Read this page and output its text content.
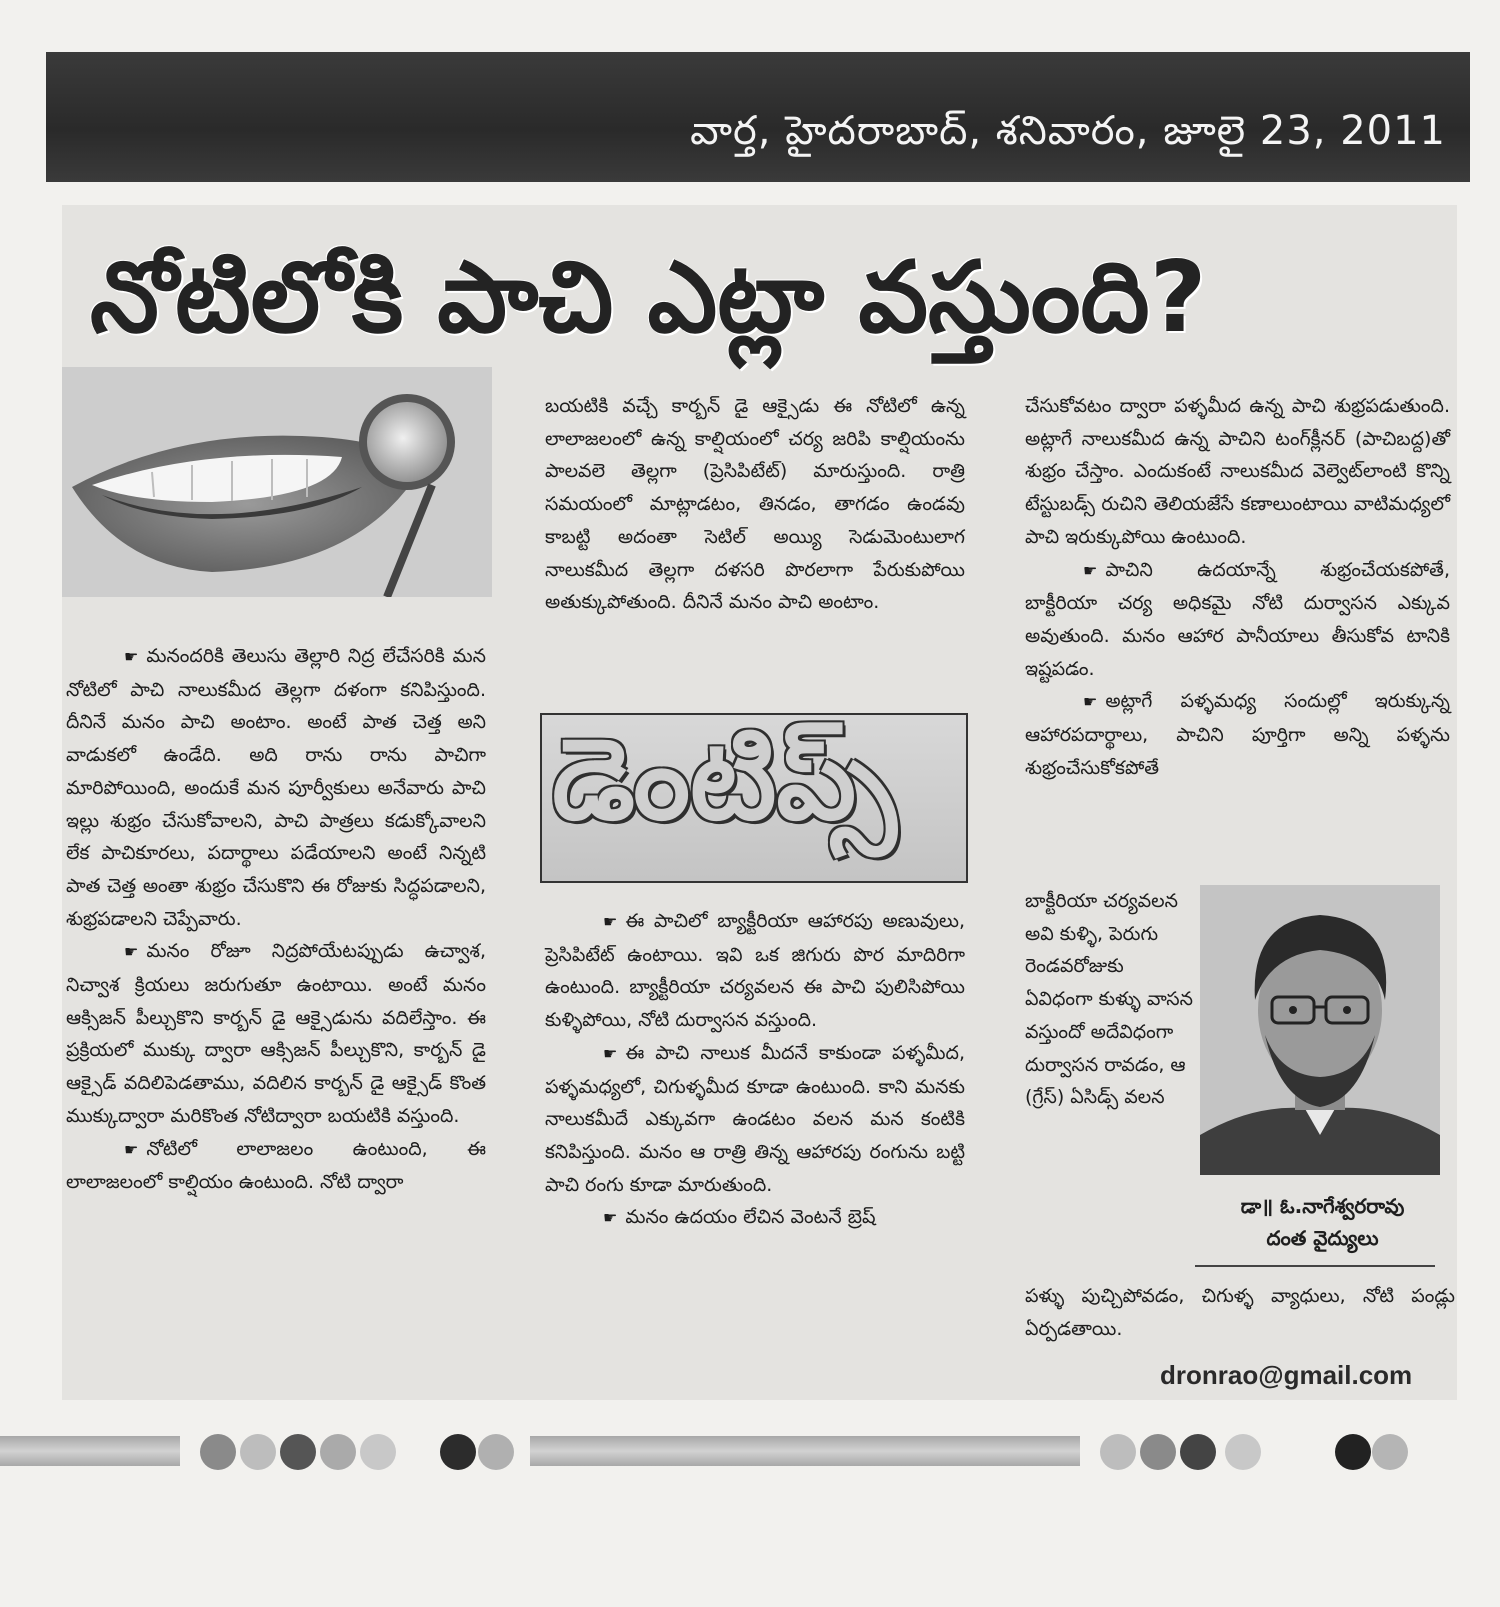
వార్త, హైదరాబాద్, శనివారం, జూలై 23, 2011
నోటిలోకి పాచి ఎట్లా వస్తుంది?

☛ మనందరికి తెలుసు తెల్లారి నిద్ర లేచేసరికి మన నోటిలో పాచి నాలుకమీద తెల్లగా దళంగా కనిపిస్తుంది. దీనినే మనం పాచి అంటాం. అంటే పాత చెత్త అని వాడుకలో ఉండేది. అది రాను రాను పాచిగా మారిపోయింది, అందుకే మన పూర్వీకులు అనేవారు పాచి ఇల్లు శుభ్రం చేసుకోవాలని, పాచి పాత్రలు కడుక్కోవాలని లేక పాచికూరలు, పదార్థాలు పడేయాలని అంటే నిన్నటి పాత చెత్త అంతా శుభ్రం చేసుకొని ఈ రోజుకు సిద్ధపడాలని, శుభ్రపడాలని చెప్పేవారు.

☛ మనం రోజూ నిద్రపోయేటప్పుడు ఉచ్వాశ, నిచ్వాశ క్రియలు జరుగుతూ ఉంటాయి. అంటే మనం ఆక్సిజన్ పీల్చుకొని కార్బన్ డై ఆక్సైడును వదిలేస్తాం. ఈ ప్రక్రియలో ముక్కు ద్వారా ఆక్సిజన్ పీల్చుకొని, కార్బన్ డై ఆక్సైడ్ వదిలిపెడతాము, వదిలిన కార్బన్ డై ఆక్సైడ్ కొంత ముక్కుద్వారా మరికొంత నోటిద్వారా బయటికి వస్తుంది.

☛ నోటిలో లాలాజలం ఉంటుంది, ఈ లాలాజలంలో కాల్షియం ఉంటుంది. నోటి ద్వారా

బయటికి వచ్చే కార్బన్ డై ఆక్సైడు ఈ నోటిలో ఉన్న లాలాజలంలో ఉన్న కాల్షియంలో చర్య జరిపి కాల్షియంను పాలవలె తెల్లగా (ప్రెసిపిటేట్) మారుస్తుంది. రాత్రి సమయంలో మాట్లాడటం, తినడం, తాగడం ఉండవు కాబట్టి అదంతా సెటిల్ అయ్యి సెడుమెంటులాగ నాలుకమీద తెల్లగా దళసరి పొరలాగా పేరుకుపోయి అతుక్కుపోతుంది. దీనినే మనం పాచి అంటాం.

డెంటిప్స్

☛ ఈ పాచిలో బ్యాక్టీరియా ఆహారపు అణువులు, ప్రెసిపిటేట్ ఉంటాయి. ఇవి ఒక జిగురు పొర మాదిరిగా ఉంటుంది. బ్యాక్టీరియా చర్యవలన ఈ పాచి పులిసిపోయి కుళ్ళిపోయి, నోటి దుర్వాసన వస్తుంది.

☛ ఈ పాచి నాలుక మీదనే కాకుండా పళ్ళమీద, పళ్ళమధ్యలో, చిగుళ్ళమీద కూడా ఉంటుంది. కాని మనకు నాలుకమీదే ఎక్కువగా ఉండటం వలన మన కంటికి కనిపిస్తుంది. మనం ఆ రాత్రి తిన్న ఆహారపు రంగును బట్టి పాచి రంగు కూడా మారుతుంది.

☛ మనం ఉదయం లేచిన వెంటనే బ్రెష్

చేసుకోవటం ద్వారా పళ్ళమీద ఉన్న పాచి శుభ్రపడుతుంది. అట్లాగే నాలుకమీద ఉన్న పాచిని టంగ్‌క్లీనర్ (పాచిబద్ద)తో శుభ్రం చేస్తాం. ఎందుకంటే నాలుకమీద వెల్వెట్‌లాంటి కొన్ని టేస్టుబడ్స్ రుచిని తెలియజేసే కణాలుంటాయి వాటిమధ్యలో పాచి ఇరుక్కుపోయి ఉంటుంది.

☛ పాచిని ఉదయాన్నే శుభ్రంచేయకపోతే, బాక్టీరియా చర్య అధికమై నోటి దుర్వాసన ఎక్కువ అవుతుంది. మనం ఆహార పానీయాలు తీసుకోవ టానికి ఇష్టపడం.

☛ అట్లాగే పళ్ళమధ్య సందుల్లో ఇరుక్కున్న ఆహారపదార్థాలు, పాచిని పూర్తిగా అన్ని పళ్ళను శుభ్రంచేసుకోకపోతే

బాక్టీరియా చర్యవలన అవి కుళ్ళి, పెరుగు రెండవరోజుకు ఏవిధంగా కుళ్ళు వాసన వస్తుందో అదేవిధంగా దుర్వాసన రావడం, ఆ (గ్రేస్) ఏసిడ్స్ వలన

డా॥ ఓ.నాగేశ్వరరావు
దంత వైద్యులు

పళ్ళు పుచ్చిపోవడం, చిగుళ్ళ వ్యాధులు, నోటి పండ్లు ఏర్పడతాయి.

dronrao@gmail.com
